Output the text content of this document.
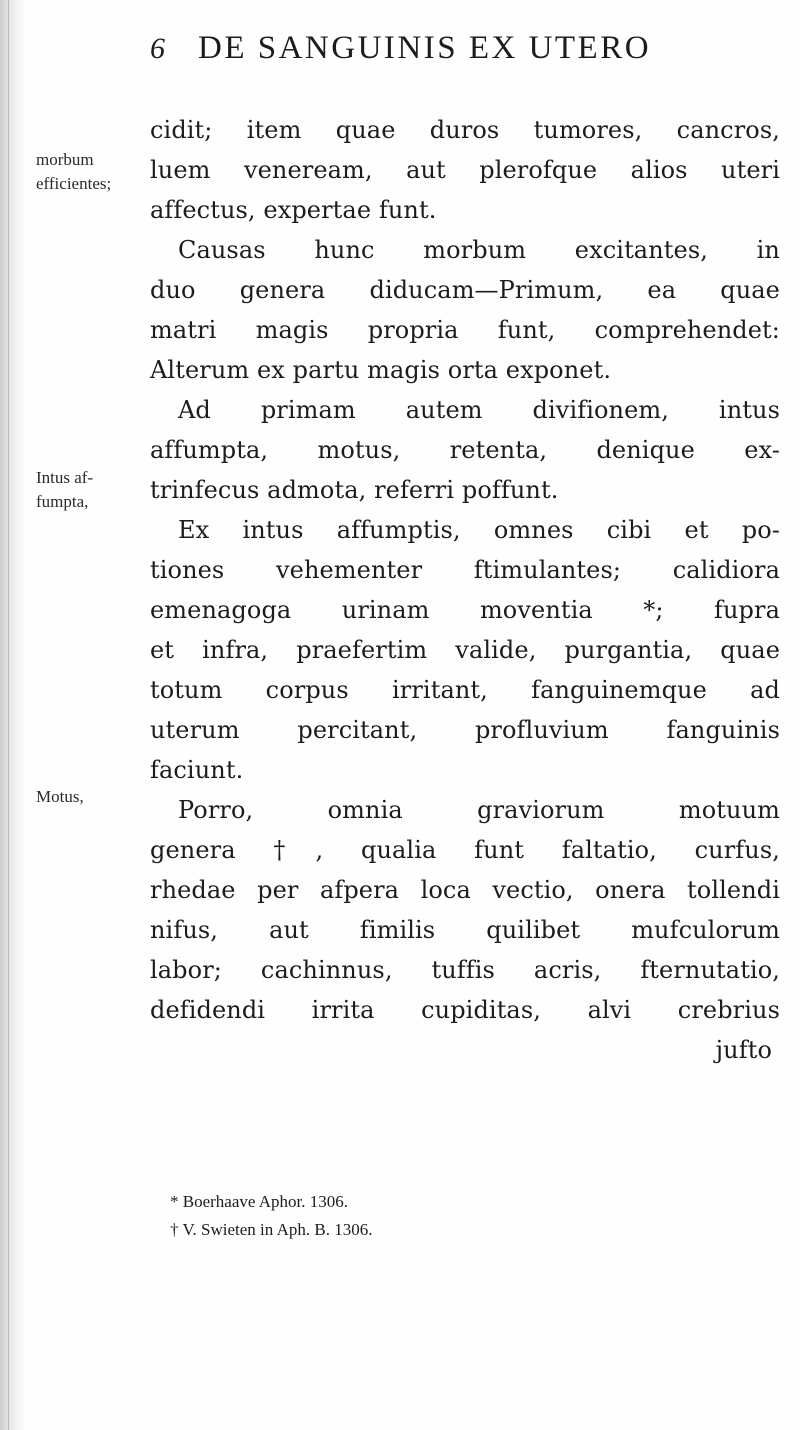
6 DE SANGUINIS EX UTERO
morbum efficientes;
Intus af- fumpta,
Motus,
cidit; item quae duros tumores, cancros,
luem veneream, aut plerofque alios uteri
affectus, expertae funt.
Causas hunc morbum excitantes, in
duo genera diducam—Primum, ea quae
matri magis propria funt, comprehendet:
Alterum ex partu magis orta exponet.
Ad primam autem divifionem, intus
affumpta, motus, retenta, denique ex-
trinfecus admota, referri poffunt.
Ex intus affumptis, omnes cibi et po-
tiones vehementer ftimulantes; calidiora
emenagoga urinam moventia *; fupra
et infra, praefertim valide, purgantia, quae
totum corpus irritant, fanguinemque ad
uterum percitant, profluvium fanguinis
faciunt.
Porro, omnia graviorum motuum
genera †, qualia funt faltatio, curfus,
rhedae per afpera loca vectio, onera tollendi
nifus, aut fimilis quilibet mufculorum
labor; cachinnus, tuffis acris, fternutatio,
defidendi irrita cupiditas, alvi crebrius
jufto
* Boerhaave Aphor. 1306.
† V. Swieten in Aph. B. 1306.
